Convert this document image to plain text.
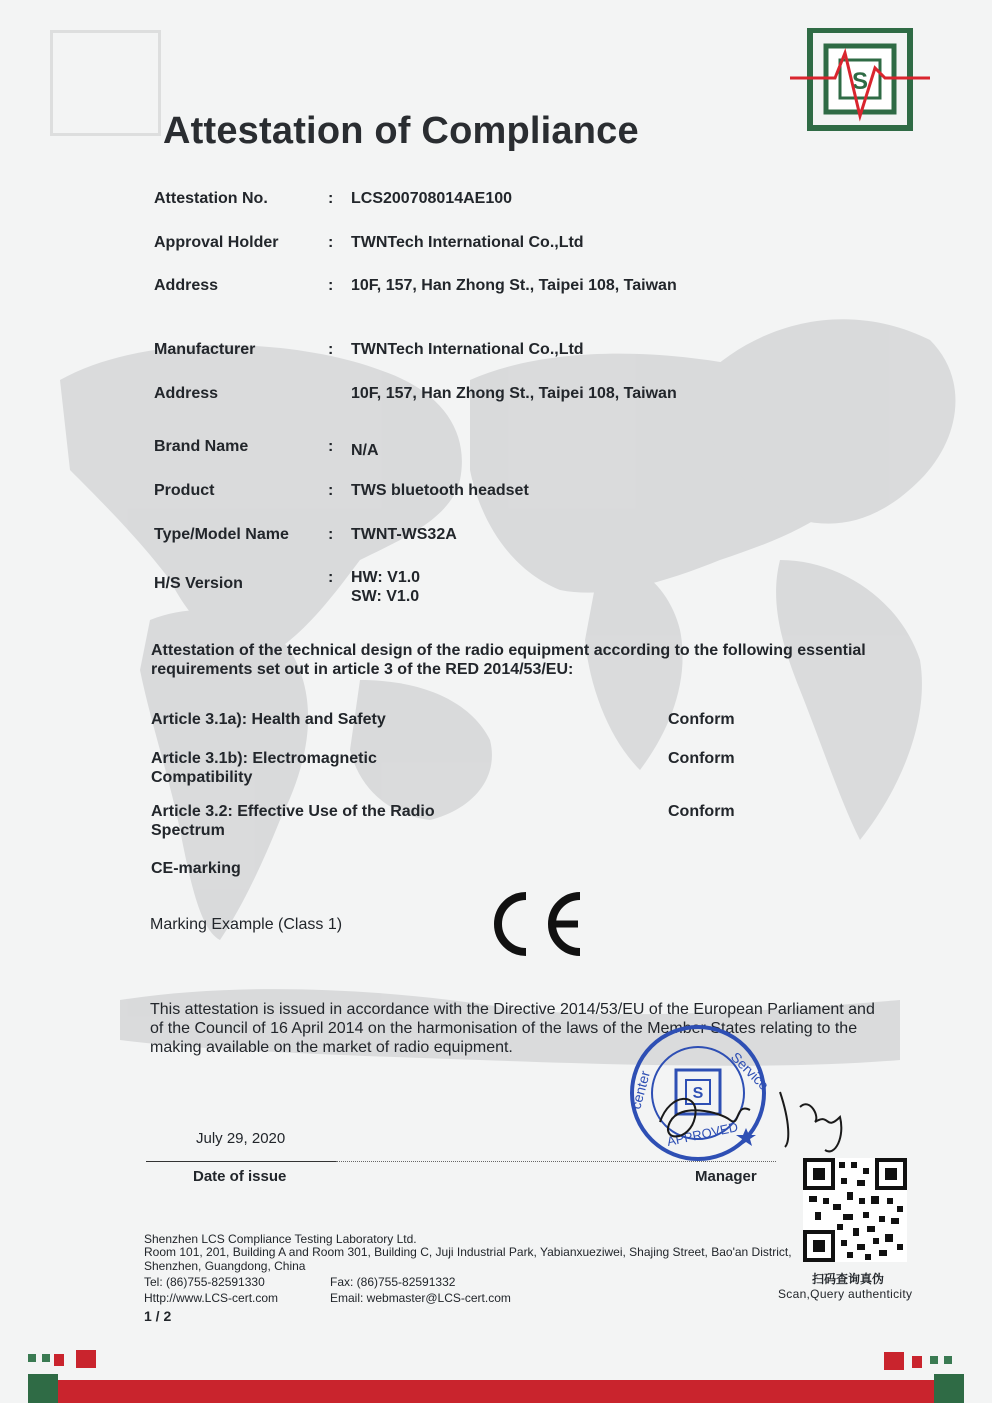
S
Attestation of Compliance
Attestation No.	: LCS200708014AE100
Approval Holder	: TWNTech International Co.,Ltd
Address	: 10F, 157, Han Zhong St., Taipei 108, Taiwan
Manufacturer	: TWNTech International Co.,Ltd
Address	10F, 157, Han Zhong St., Taipei 108, Taiwan
Brand Name	: N/A
Product	: TWS bluetooth headset
Type/Model Name : TWNT-WS32A
H/S Version	: HW: V1.0
SW: V1.0
Attestation of the technical design of the radio equipment according to the following essential
requirements set out in article 3 of the RED 2014/53/EU:
Article 3.1a): Health and Safety	Conform
Article 3.1b): Electromagnetic
Compatibility
Conform
Article 3.2: Effective Use of the Radio
Spectrum
Conform
CE-marking
Marking Example (Class 1)
This attestation is issued in accordance with the Directive 2014/53/EU of the European Parliament and
of the Council of 16 April 2014 on the harmonisation of the laws of the Member States relating to the
making available on the market of radio equipment.
S
Service
center
APPROVED
July 29, 2020
Date of issue	Manager
扫码查询真伪
Scan,Query authenticity
Shenzhen LCS Compliance Testing Laboratory Ltd.
Room 101, 201, Building A and Room 301, Building C, Juji Industrial Park, Yabianxueziwei, Shajing Street, Bao'an District,
Shenzhen, Guangdong, China
Tel: (86)755-82591330	Fax: (86)755-82591332
Http://www.LCS-cert.com	Email: webmaster@LCS-cert.com
1 / 2
